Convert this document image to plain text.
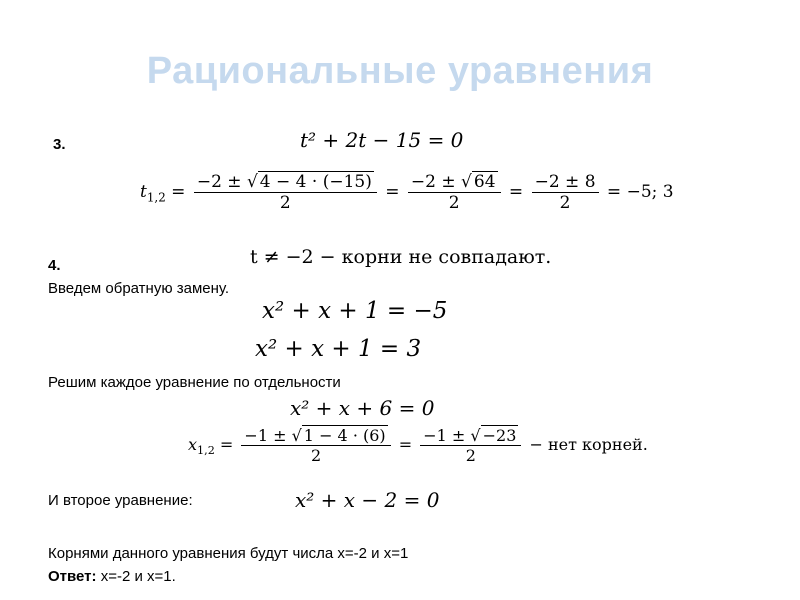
Рациональные уравнения
3.	t² + 2t − 15 = 0
$t_{1,2} = \frac{-2 \pm √ 4 - 4 \cdot (-15)}{2} = \frac{-2 \pm √ 64}{2} = \frac{-2 \pm 8}{2} = -5$; 3
t ≠ −2 − корни не совпадают.
4.
Введем обратную замену.
x² + x + 1 = −5
x² + x + 1 = 3
Решим каждое уравнение по отдельности
x² + x + 6 = 0
$x_{1,2} = \frac{-1 \pm √ 1 - 4 \cdot (6)}{2} = \frac{-1 \pm √ -23}{2}$ − нет корней.
И второе уравнение:	x² + x − 2 = 0
Корнями данного уравнения будут числа x=-2 и x=1
Ответ: x=-2 и x=1.
